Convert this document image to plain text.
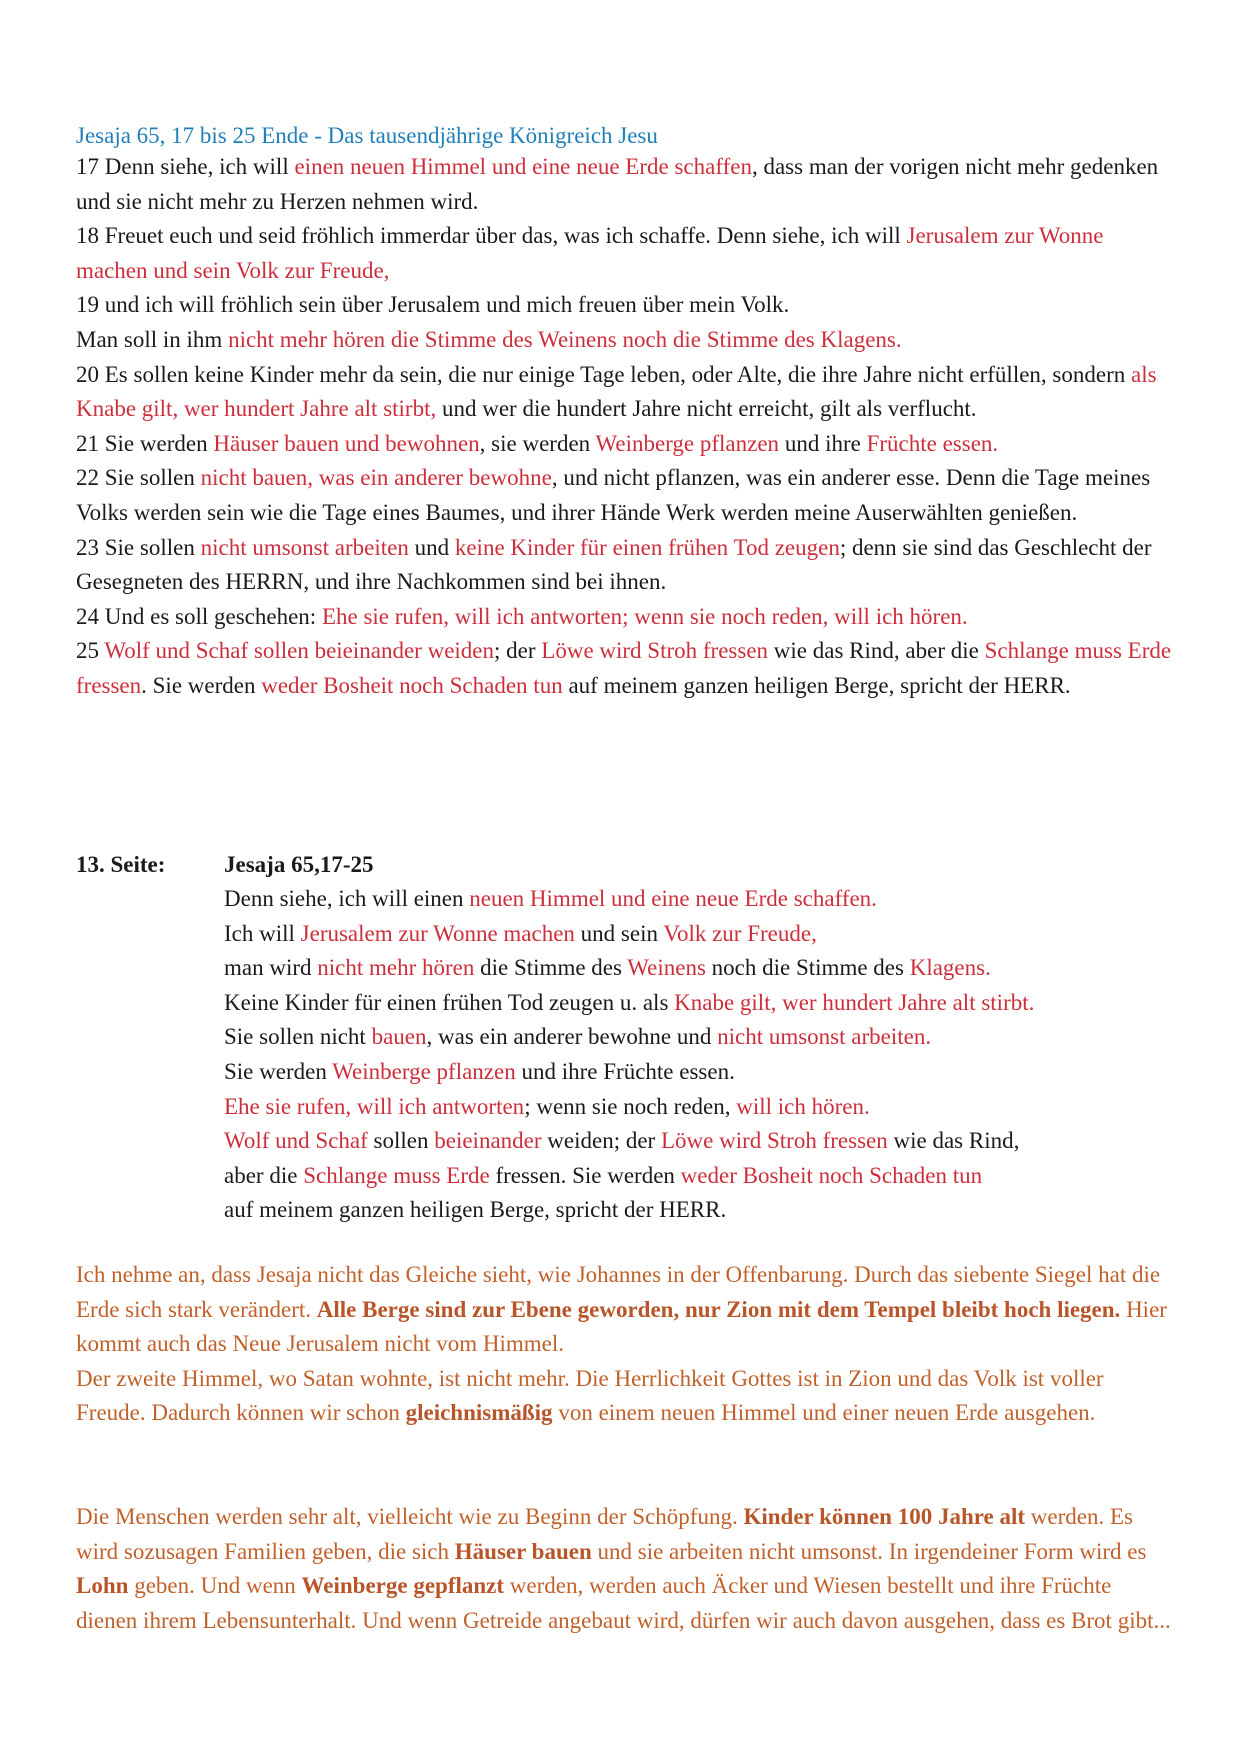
Jesaja 65, 17 bis 25 Ende - Das tausendjährige Königreich Jesu

17 Denn siehe, ich will einen neuen Himmel und eine neue Erde schaffen, dass man der vorigen nicht mehr gedenken und sie nicht mehr zu Herzen nehmen wird.

18 Freuet euch und seid fröhlich immerdar über das, was ich schaffe. Denn siehe, ich will Jerusalem zur Wonne machen und sein Volk zur Freude,

19 und ich will fröhlich sein über Jerusalem und mich freuen über mein Volk.

Man soll in ihm nicht mehr hören die Stimme des Weinens noch die Stimme des Klagens.

20 Es sollen keine Kinder mehr da sein, die nur einige Tage leben, oder Alte, die ihre Jahre nicht erfüllen, sondern als Knabe gilt, wer hundert Jahre alt stirbt, und wer die hundert Jahre nicht erreicht, gilt als verflucht.

21 Sie werden Häuser bauen und bewohnen, sie werden Weinberge pflanzen und ihre Früchte essen.

22 Sie sollen nicht bauen, was ein anderer bewohne, und nicht pflanzen, was ein anderer esse. Denn die Tage meines Volks werden sein wie die Tage eines Baumes, und ihrer Hände Werk werden meine Auserwählten genießen.

23 Sie sollen nicht umsonst arbeiten und keine Kinder für einen frühen Tod zeugen; denn sie sind das Geschlecht der Gesegneten des HERRN, und ihre Nachkommen sind bei ihnen.

24 Und es soll geschehen: Ehe sie rufen, will ich antworten; wenn sie noch reden, will ich hören.

25 Wolf und Schaf sollen beieinander weiden; der Löwe wird Stroh fressen wie das Rind, aber die Schlange muss Erde fressen. Sie werden weder Bosheit noch Schaden tun auf meinem ganzen heiligen Berge, spricht der HERR.

13. Seite:	Jesaja 65,17-25

Denn siehe, ich will einen neuen Himmel und eine neue Erde schaffen.

Ich will Jerusalem zur Wonne machen und sein Volk zur Freude,

man wird nicht mehr hören die Stimme des Weinens noch die Stimme des Klagens.

Keine Kinder für einen frühen Tod zeugen u. als Knabe gilt, wer hundert Jahre alt stirbt.

Sie sollen nicht bauen, was ein anderer bewohne und nicht umsonst arbeiten.

Sie werden Weinberge pflanzen und ihre Früchte essen.

Ehe sie rufen, will ich antworten; wenn sie noch reden, will ich hören.

Wolf und Schaf sollen beieinander weiden; der Löwe wird Stroh fressen wie das Rind,

aber die Schlange muss Erde fressen. Sie werden weder Bosheit noch Schaden tun

auf meinem ganzen heiligen Berge, spricht der HERR.

Ich nehme an, dass Jesaja nicht das Gleiche sieht, wie Johannes in der Offenbarung. Durch das siebente Siegel hat die Erde sich stark verändert. Alle Berge sind zur Ebene geworden, nur Zion mit dem Tempel bleibt hoch liegen. Hier kommt auch das Neue Jerusalem nicht vom Himmel.

Der zweite Himmel, wo Satan wohnte, ist nicht mehr. Die Herrlichkeit Gottes ist in Zion und das Volk ist voller Freude. Dadurch können wir schon gleichnismäßig von einem neuen Himmel und einer neuen Erde ausgehen.

Die Menschen werden sehr alt, vielleicht wie zu Beginn der Schöpfung. Kinder können 100 Jahre alt werden. Es wird sozusagen Familien geben, die sich Häuser bauen und sie arbeiten nicht umsonst. In irgendeiner Form wird es Lohn geben. Und wenn Weinberge gepflanzt werden, werden auch Äcker und Wiesen bestellt und ihre Früchte dienen ihrem Lebensunterhalt. Und wenn Getreide angebaut wird, dürfen wir auch davon ausgehen, dass es Brot gibt...
